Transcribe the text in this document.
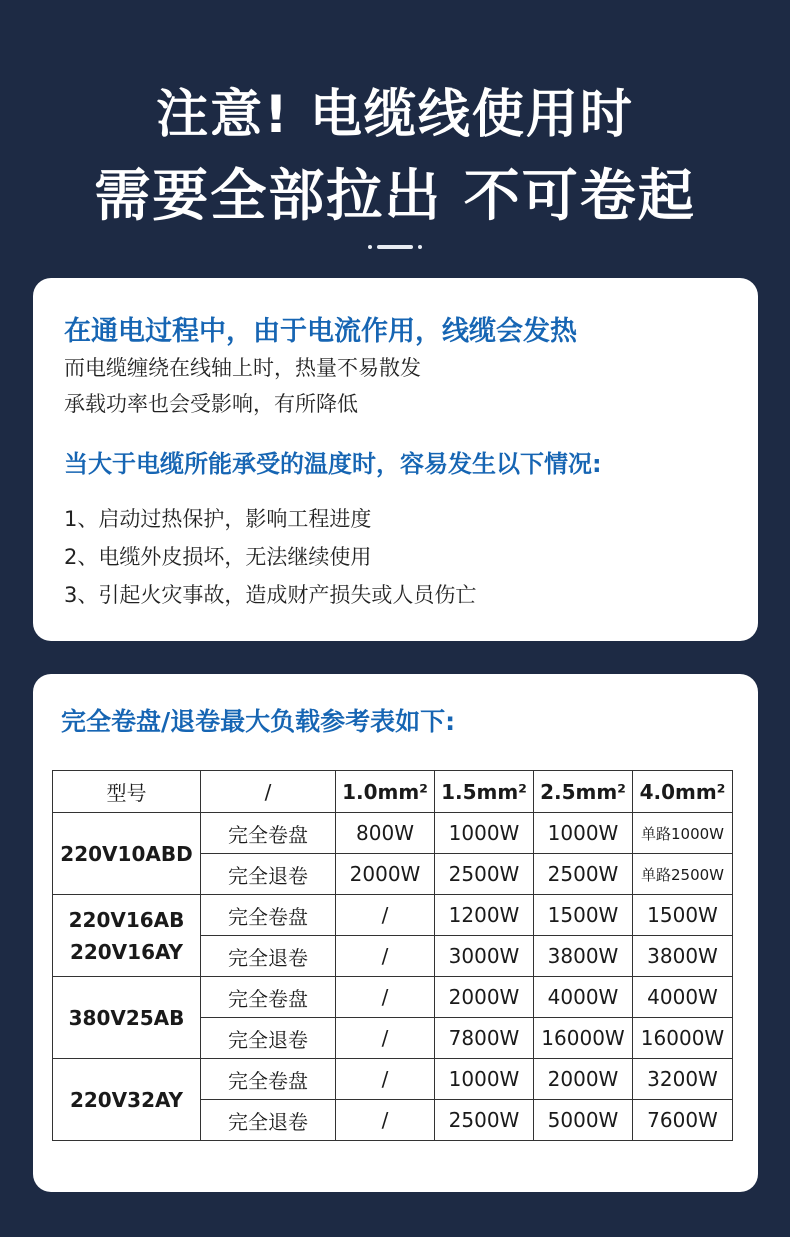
注意! 电缆线使用时
需要全部拉出 不可卷起
在通电过程中，由于电流作用，线缆会发热
而电缆缠绕在线轴上时，热量不易散发
承载功率也会受影响，有所降低
当大于电缆所能承受的温度时，容易发生以下情况:
1、启动过热保护，影响工程进度
2、电缆外皮损坏，无法继续使用
3、引起火灾事故，造成财产损失或人员伤亡
完全卷盘/退卷最大负载参考表如下:
型号	/	1.0mm²	1.5mm²	2.5mm²	4.0mm²
220V10ABD	完全卷盘	800W	1000W	1000W	单路1000W
	完全退卷	2000W	2500W	2500W	单路2500W

220V16AB
220V16AY	完全卷盘	/	1200W	1500W	1500W
	完全退卷	/	3000W	3800W	3800W
380V25AB	完全卷盘	/	2000W	4000W	4000W
	完全退卷	/	7800W	16000W	16000W
220V32AY	完全卷盘	/	1000W	2000W	3200W
	完全退卷	/	2500W	5000W	7600W
